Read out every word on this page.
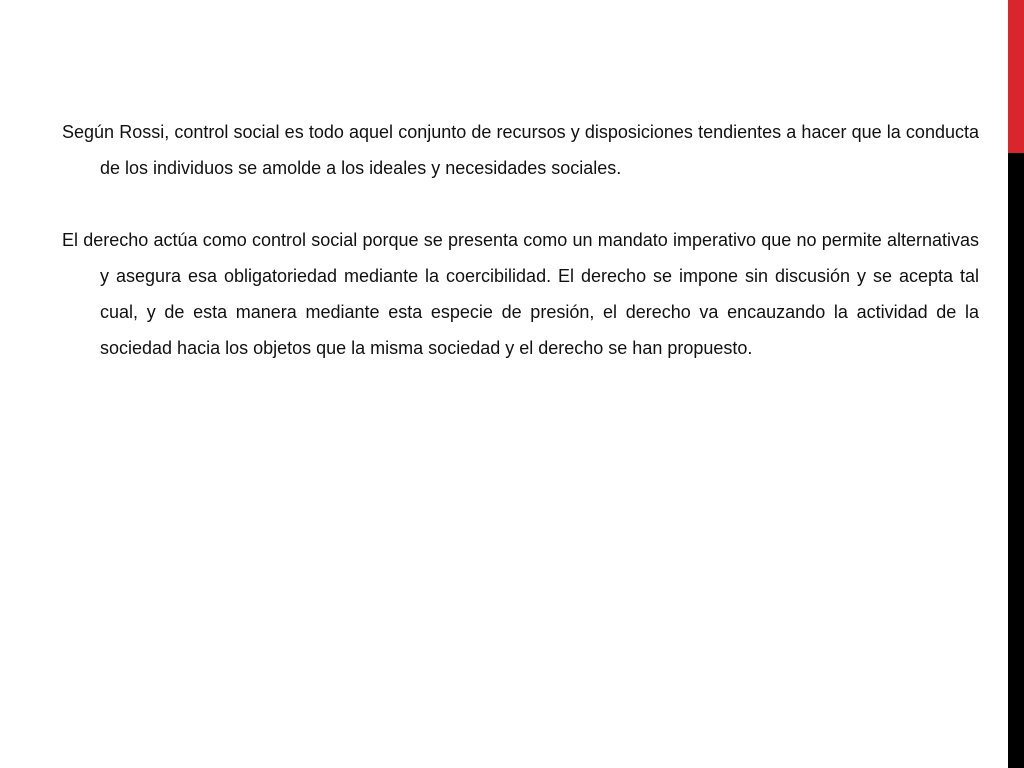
Según Rossi, control social es todo aquel conjunto de recursos y disposiciones tendientes a hacer que la conducta de los individuos se amolde a los ideales y necesidades sociales.

El derecho actúa como control social porque se presenta como un mandato imperativo que no permite alternativas y asegura esa obligatoriedad mediante la coercibilidad. El derecho se impone sin discusión y se acepta tal cual, y de esta manera mediante esta especie de presión, el derecho va encauzando la actividad de la sociedad hacia los objetos que la misma sociedad y el derecho se han propuesto.
